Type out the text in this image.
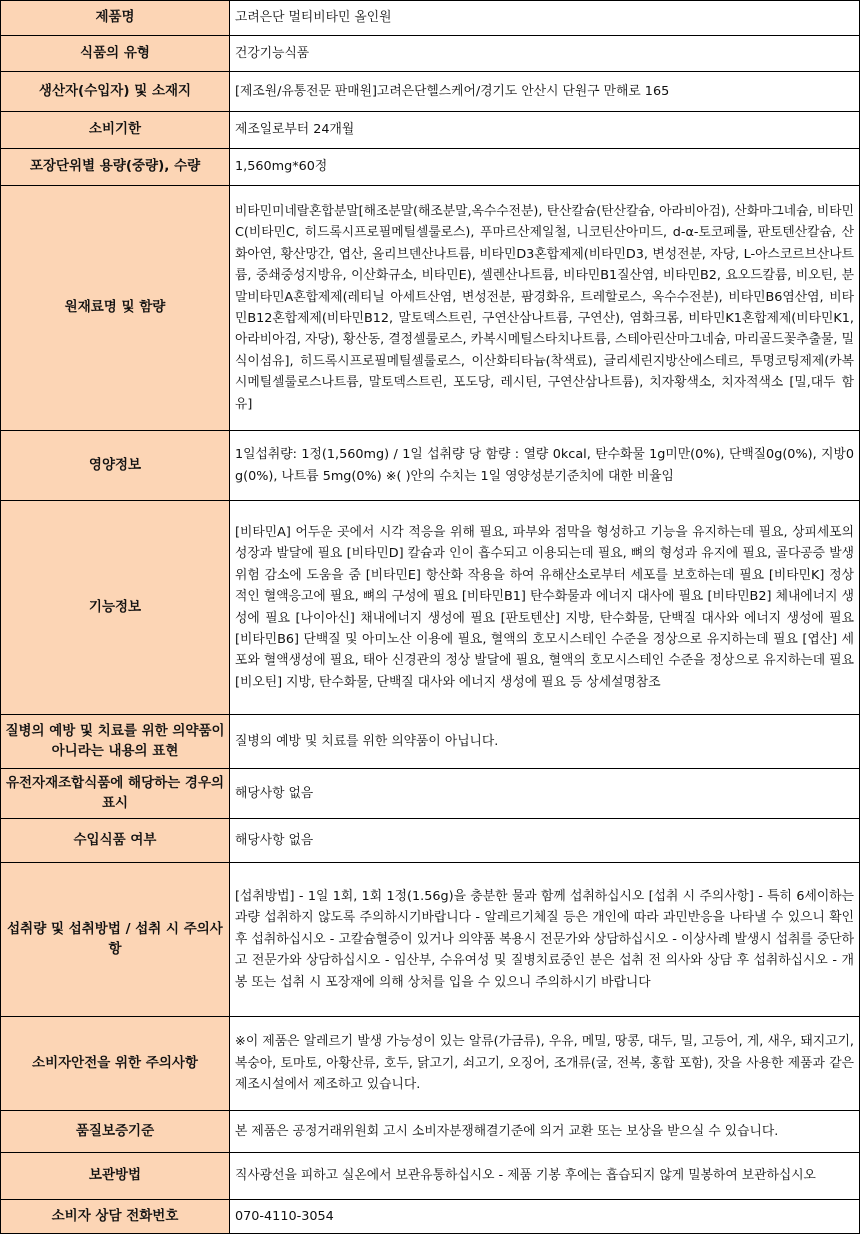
제품명	고려은단 멀티비타민 올인원
식품의 유형	건강기능식품
생산자(수입자) 및 소재지	[제조원/유통전문 판매원]고려은단헬스케어/경기도 안산시 단원구 만해로 165
소비기한	제조일로부터 24개월
포장단위별 용량(중량), 수량	1,560mg*60정
원재료명 및 함량	비타민미네랄혼합분말[해조분말(해조분말,옥수수전분), 탄산칼슘(탄산칼슘, 아라비아검), 산화마그네슘, 비타민C(비타민C, 히드록시프로필메틸셀룰로스), 푸마르산제일철, 니코틴산아미드, d-α-토코페롤, 판토텐산칼슘, 산화아연, 황산망간, 엽산, 올리브덴산나트륨, 비타민D3혼합제제(비타민D3, 변성전분, 자당, L-아스코르브산나트륨, 중쇄중성지방유, 이산화규소, 비타민E), 셀렌산나트륨, 비타민B1질산염, 비타민B2, 요오드칼륨, 비오틴, 분말비타민A혼합제제(레티닐 아세트산염, 변성전분, 팜경화유, 트레할로스, 옥수수전분), 비타민B6염산염, 비타민B12혼합제제(비타민B12, 말토덱스트린, 구연산삼나트륨, 구연산), 염화크롬, 비타민K1혼합제제(비타민K1, 아라비아검, 자당), 황산동, 결정셀룰로스, 카복시메틸스타치나트륨, 스테아린산마그네슘, 마리골드꽃추출물, 밀식이섬유], 히드록시프로필메틸셀룰로스, 이산화티타늄(착색료), 글리세린지방산에스테르, 투명코팅제제(카복시메틸셀룰로스나트륨, 말토덱스트린, 포도당, 레시틴, 구연산삼나트륨), 치자황색소, 치자적색소 [밀,대두 함유]
영양정보	1일섭취량: 1정(1,560mg) / 1일 섭취량 당 함량 : 열량 0kcal, 탄수화물 1g미만(0%), 단백질0g(0%), 지방0g(0%), 나트륨 5mg(0%) ※( )안의 수치는 1일 영양성분기준치에 대한 비율임
기능정보	[비타민A] 어두운 곳에서 시각 적응을 위해 필요, 파부와 점막을 형성하고 기능을 유지하는데 필요, 상피세포의 성장과 발달에 필요 [비타민D] 칼슘과 인이 흡수되고 이용되는데 필요, 뼈의 형성과 유지에 필요, 골다공증 발생 위험 감소에 도움을 줌 [비타민E] 항산화 작용을 하여 유해산소로부터 세포를 보호하는데 필요 [비타민K] 정상적인 혈액응고에 필요, 뼈의 구성에 필요 [비타민B1] 탄수화물과 에너지 대사에 필요 [비타민B2] 체내에너지 생성에 필요 [나이아신] 채내에너지 생성에 필요 [판토텐산] 지방, 탄수화물, 단백질 대사와 에너지 생성에 필요 [비타민B6] 단백질 및 아미노산 이용에 필요, 혈액의 호모시스테인 수준을 정상으로 유지하는데 필요 [엽산] 세포와 혈액생성에 필요, 태아 신경관의 정상 발달에 필요, 혈액의 호모시스테인 수준을 정상으로 유지하는데 필요 [비오틴] 지방, 탄수화물, 단백질 대사와 에너지 생성에 필요 등 상세설명참조
질병의 예방 및 치료를 위한 의약품이 아니라는 내용의 표현	질병의 예방 및 치료를 위한 의약품이 아닙니다.
유전자재조합식품에 해당하는 경우의 표시	해당사항 없음
수입식품 여부	해당사항 없음
섭취량 및 섭취방법 / 섭취 시 주의사항	[섭취방법] - 1일 1회, 1회 1정(1.56g)을 충분한 물과 함께 섭취하십시오 [섭취 시 주의사항] - 특히 6세이하는 과량 섭취하지 않도록 주의하시기바랍니다 - 알레르기체질 등은 개인에 따라 과민반응을 나타낼 수 있으니 확인 후 섭취하십시오 - 고칼슘혈증이 있거나 의약품 복용시 전문가와 상담하십시오 - 이상사례 발생시 섭취를 중단하고 전문가와 상담하십시오 - 임산부, 수유여성 및 질병치료중인 분은 섭취 전 의사와 상담 후 섭취하십시오 - 개봉 또는 섭취 시 포장재에 의해 상처를 입을 수 있으니 주의하시기 바랍니다
소비자안전을 위한 주의사항	※이 제품은 알레르기 발생 가능성이 있는 알류(가금류), 우유, 메밀, 땅콩, 대두, 밀, 고등어, 게, 새우, 돼지고기, 복숭아, 토마토, 아황산류, 호두, 닭고기, 쇠고기, 오징어, 조개류(굴, 전복, 홍합 포함), 잣을 사용한 제품과 같은 제조시설에서 제조하고 있습니다.
품질보증기준	본 제품은 공정거래위원회 고시 소비자분쟁해결기준에 의거 교환 또는 보상을 받으실 수 있습니다.
보관방법	직사광선을 피하고 실온에서 보관유통하십시오 - 제품 기봉 후에는 흡습되지 않게 밀봉하여 보관하십시오
소비자 상담 전화번호	070-4110-3054
